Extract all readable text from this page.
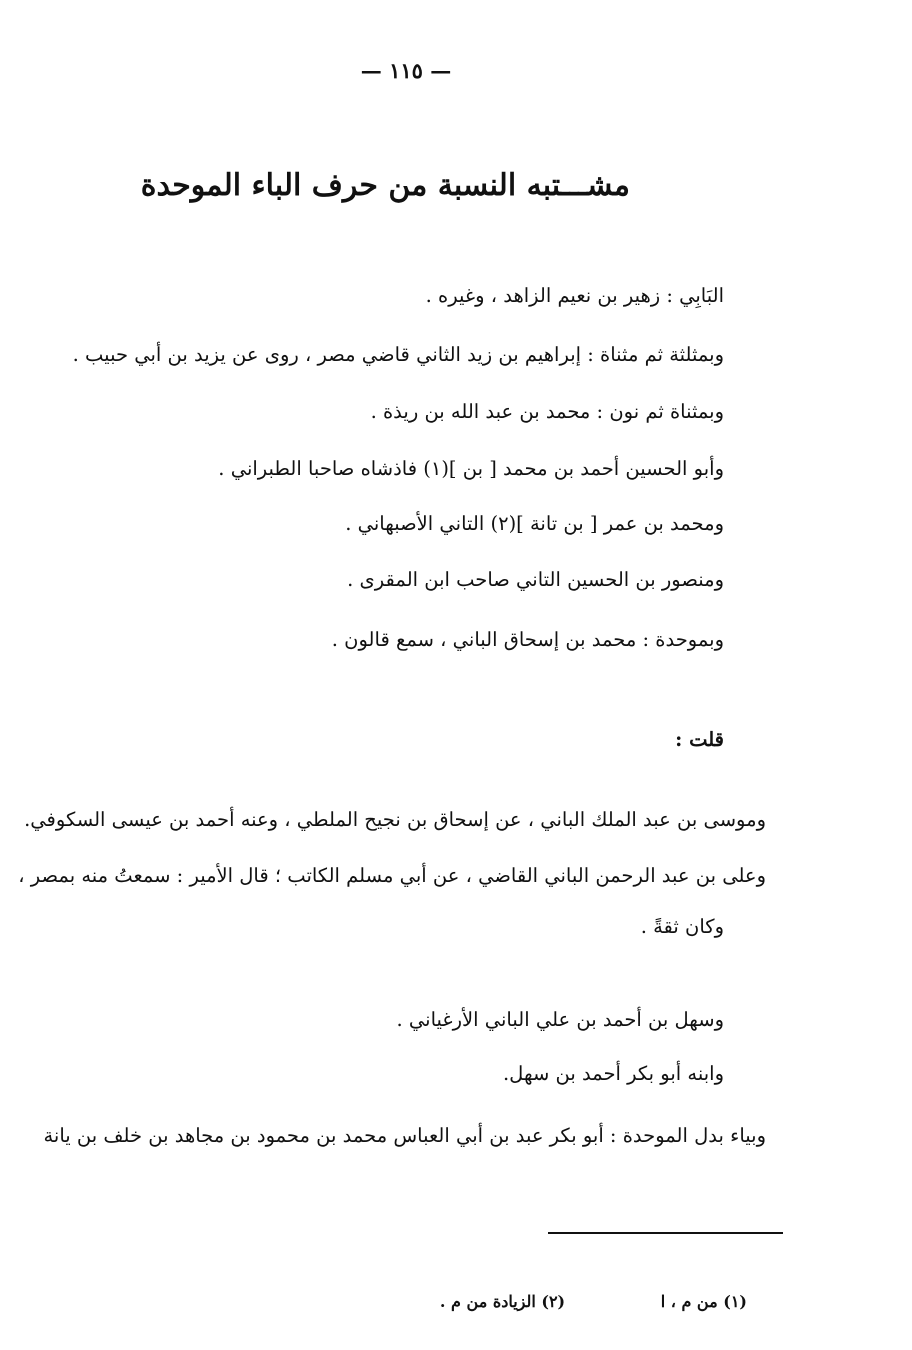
— ١١٥ —
مشـــتبه النسبة من حرف الباء الموحدة
البَابِي : زهير بن نعيم الزاهد ، وغيره .
وبمثلثة ثم مثناة : إبراهيم بن زيد الثاني قاضي مصر ، روى عن يزيد بن أبي حبيب .
وبمثناة ثم نون : محمد بن عبد الله بن ريذة .
وأبو الحسين أحمد بن محمد [ بن ](١) فاذشاه صاحبا الطبراني .
ومحمد بن عمر [ بن تانة ](٢) التاني الأصبهاني .
ومنصور بن الحسين التاني صاحب ابن المقرى .
وبموحدة : محمد بن إسحاق الباني ، سمع قالون .
قلت :
وموسى بن عبد الملك الباني ، عن إسحاق بن نجيح الملطي ، وعنه أحمد بن عيسى السكوفي.
وعلى بن عبد الرحمن الباني القاضي ، عن أبي مسلم الكاتب ؛ قال الأمير : سمعتُ منه بمصر ،
وكان ثقةً .
وسهل بن أحمد بن علي الباني الأرغياني .
وابنه أبو بكر أحمد بن سهل.
وبياء بدل الموحدة : أبو بكر عبد بن أبي العباس محمد بن محمود بن مجاهد بن خلف بن يانة
(١) من م ، ا (٢) الزيادة من م .
